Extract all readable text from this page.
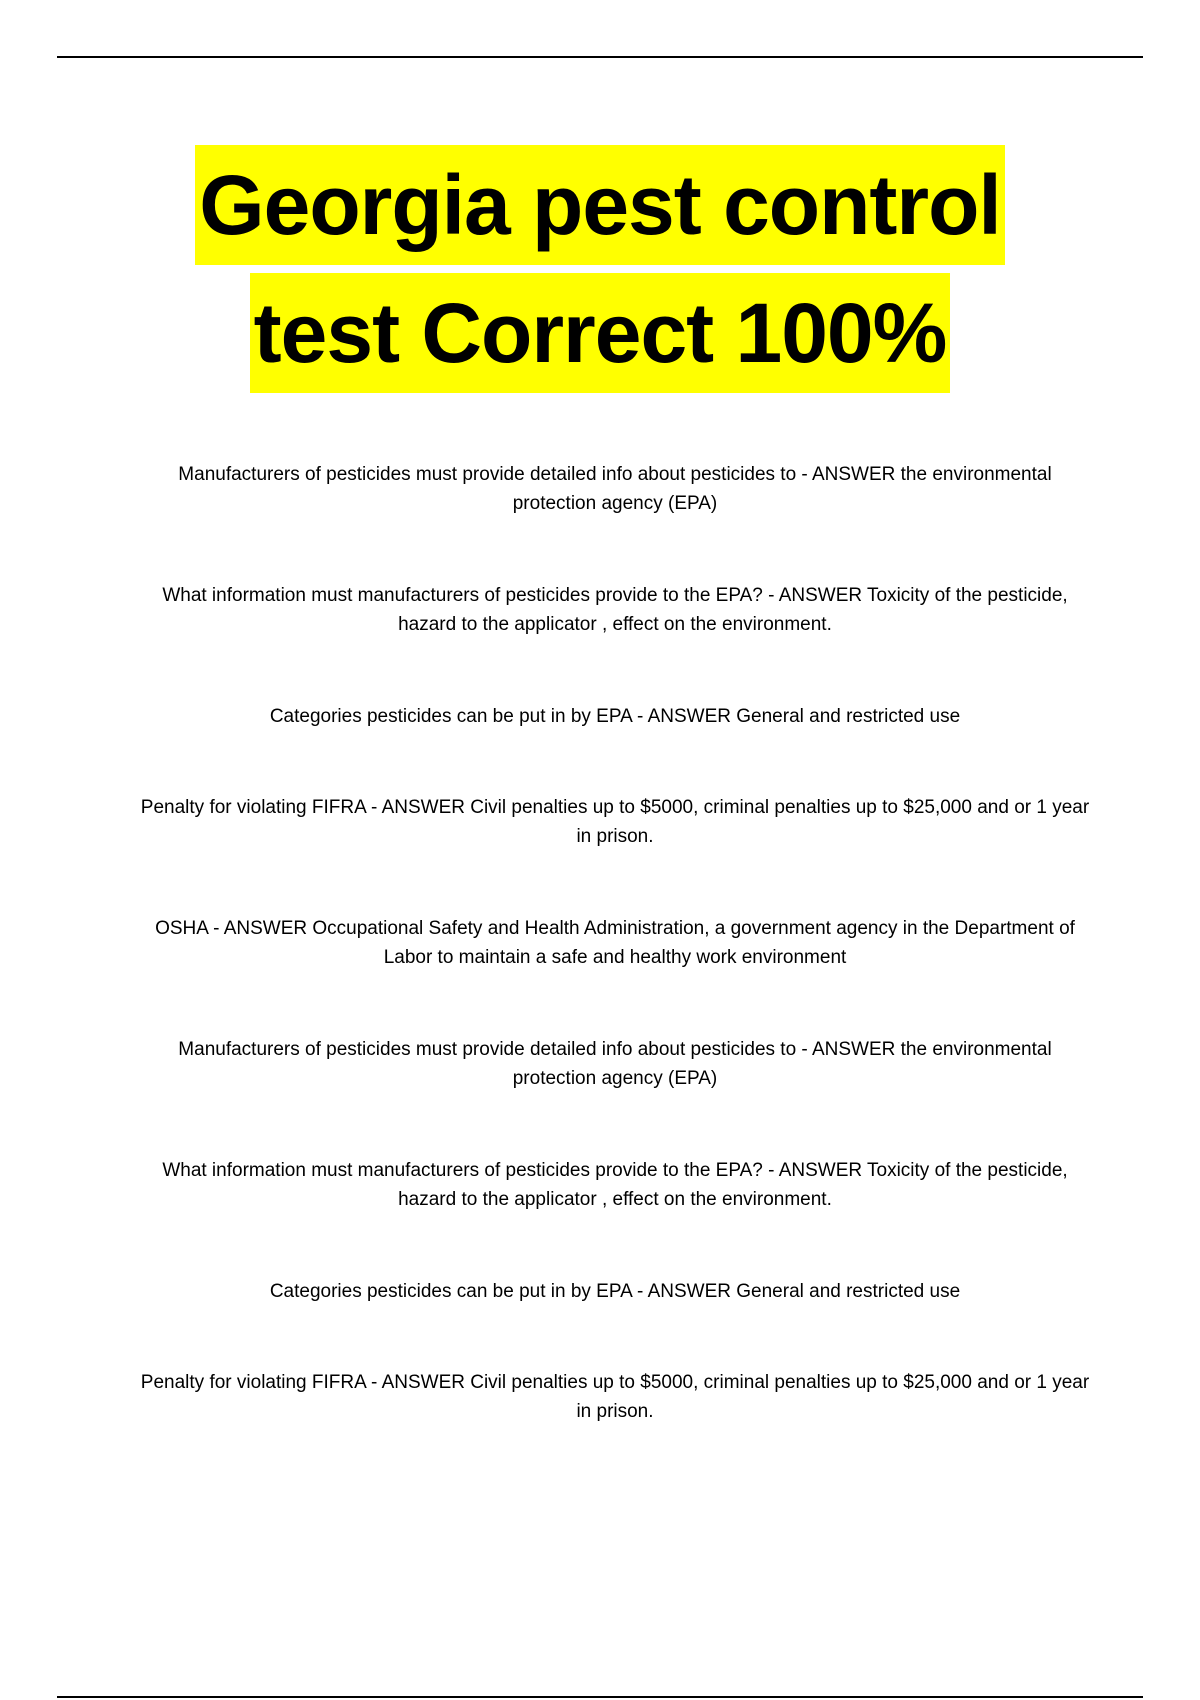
Georgia pest control
test Correct 100%

Manufacturers of pesticides must provide detailed info about pesticides to - ANSWER the environmental protection agency (EPA)

What information must manufacturers of pesticides provide to the EPA? - ANSWER Toxicity of the pesticide, hazard to the applicator , effect on the environment.

Categories pesticides can be put in by EPA - ANSWER General and restricted use

Penalty for violating FIFRA - ANSWER Civil penalties up to $5000, criminal penalties up to $25,000 and or 1 year in prison.

OSHA - ANSWER Occupational Safety and Health Administration, a government agency in the Department of Labor to maintain a safe and healthy work environment

Manufacturers of pesticides must provide detailed info about pesticides to - ANSWER the environmental protection agency (EPA)

What information must manufacturers of pesticides provide to the EPA? - ANSWER Toxicity of the pesticide, hazard to the applicator , effect on the environment.

Categories pesticides can be put in by EPA - ANSWER General and restricted use

Penalty for violating FIFRA - ANSWER Civil penalties up to $5000, criminal penalties up to $25,000 and or 1 year in prison.
